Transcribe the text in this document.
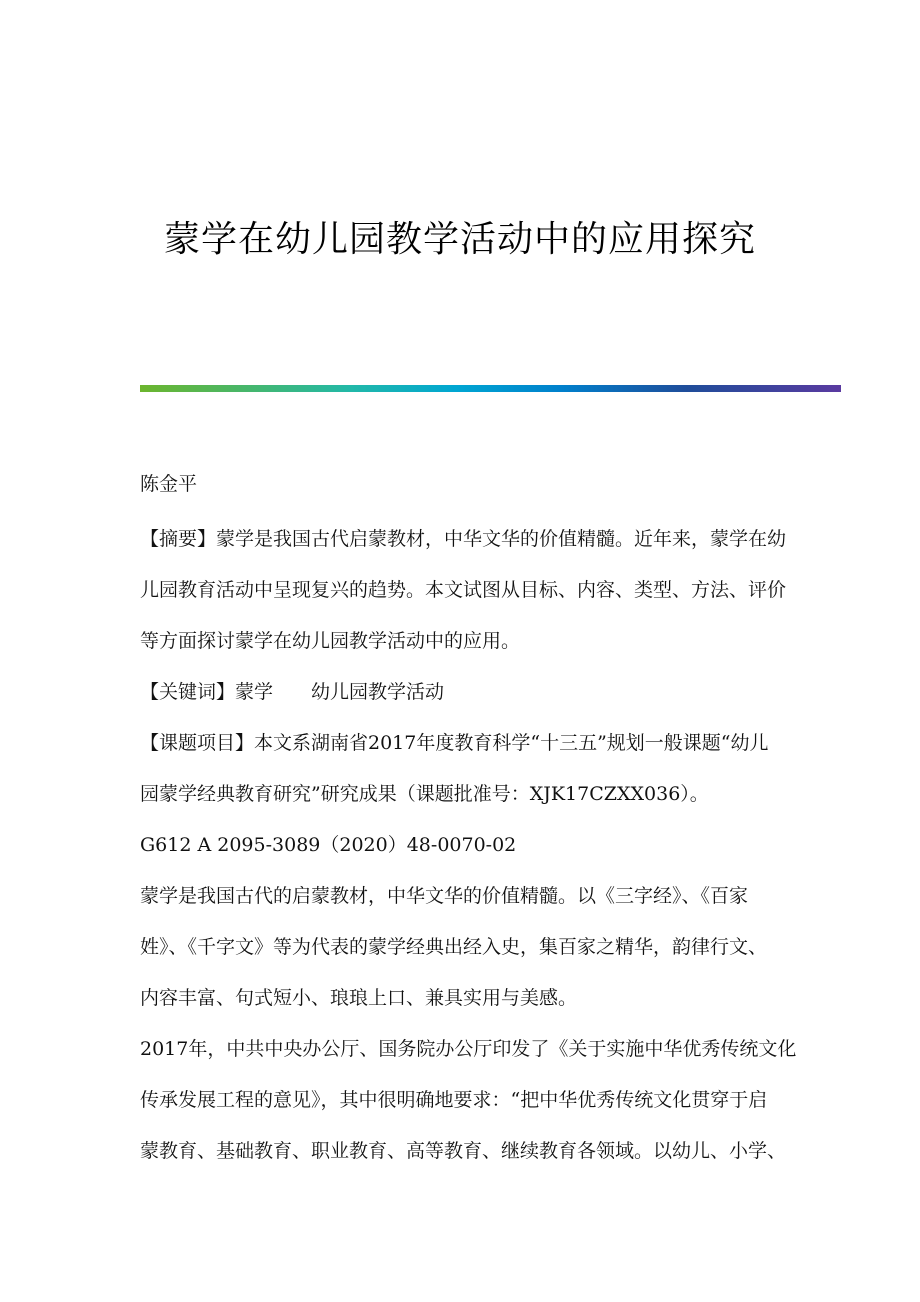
蒙学在幼儿园教学活动中的应用探究
陈金平
【摘要】蒙学是我国古代启蒙教材，中华文华的价值精髓。近年来，蒙学在幼
儿园教育活动中呈现复兴的趋势。本文试图从目标、内容、类型、方法、评价
等方面探讨蒙学在幼儿园教学活动中的应用。
【关键词】蒙学　　幼儿园教学活动
【课题项目】本文系湖南省2017年度教育科学“十三五”规划一般课题“幼儿
园蒙学经典教育研究”研究成果（课题批准号：XJK17CZXX036）。
G612 A 2095-3089（2020）48-0070-02
蒙学是我国古代的启蒙教材，中华文华的价值精髓。以《三字经》、《百家
姓》、《千字文》等为代表的蒙学经典出经入史，集百家之精华，韵律行文、
内容丰富、句式短小、琅琅上口、兼具实用与美感。
2017年，中共中央办公厅、国务院办公厅印发了《关于实施中华优秀传统文化
传承发展工程的意见》，其中很明确地要求：“把中华优秀传统文化贯穿于启
蒙教育、基础教育、职业教育、高等教育、继续教育各领域。以幼儿、小学、
